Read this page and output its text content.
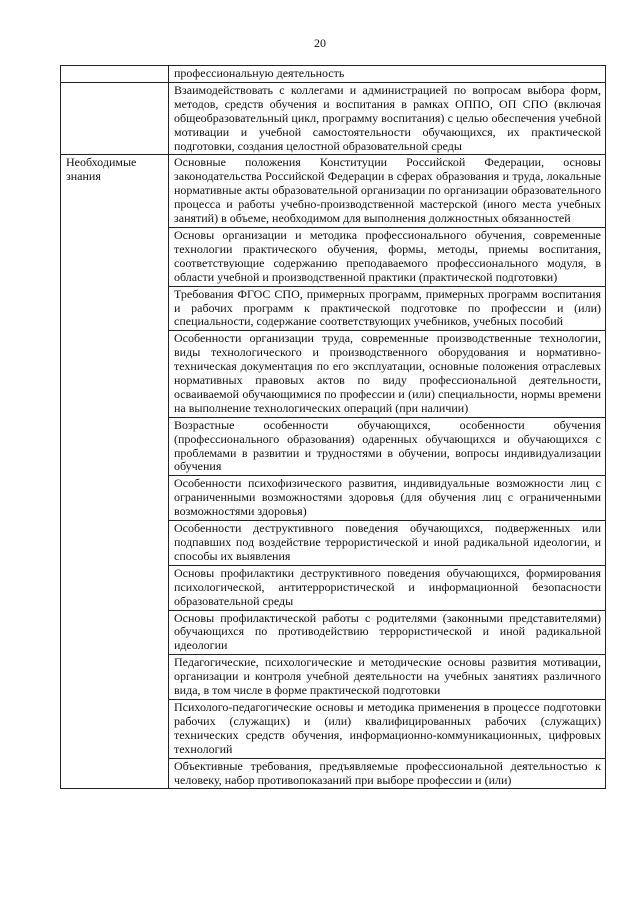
20
	профессиональную деятельность
	Взаимодействовать с коллегами и администрацией по вопросам выбора форм, методов, средств обучения и воспитания в рамках ОППО, ОП СПО (включая общеобразовательный цикл, программу воспитания) с целью обеспечения учебной мотивации и учебной самостоятельности обучающихся, их практической подготовки, создания целостной образовательной среды
Необходимые знания	Основные положения Конституции Российской Федерации, основы законодательства Российской Федерации в сферах образования и труда, локальные нормативные акты образовательной организации по организации образовательного процесса и работы учебно-производственной мастерской (иного места учебных занятий) в объеме, необходимом для выполнения должностных обязанностей
	Основы организации и методика профессионального обучения, современные технологии практического обучения, формы, методы, приемы воспитания, соответствующие содержанию преподаваемого профессионального модуля, в области учебной и производственной практики (практической подготовки)
	Требования ФГОС СПО, примерных программ, примерных программ воспитания и рабочих программ к практической подготовке по профессии и (или) специальности, содержание соответствующих учебников, учебных пособий
	Особенности организации труда, современные производственные технологии, виды технологического и производственного оборудования и нормативно-техническая документация по его эксплуатации, основные положения отраслевых нормативных правовых актов по виду профессиональной деятельности, осваиваемой обучающимися по профессии и (или) специальности, нормы времени на выполнение технологических операций (при наличии)
	Возрастные особенности обучающихся, особенности обучения (профессионального образования) одаренных обучающихся и обучающихся с проблемами в развитии и трудностями в обучении, вопросы индивидуализации обучения
	Особенности психофизического развития, индивидуальные возможности лиц с ограниченными возможностями здоровья (для обучения лиц с ограниченными возможностями здоровья)
	Особенности деструктивного поведения обучающихся, подверженных или подпавших под воздействие террористической и иной радикальной идеологии, и способы их выявления
	Основы профилактики деструктивного поведения обучающихся, формирования психологической, антитеррористической и информационной безопасности образовательной среды
	Основы профилактической работы с родителями (законными представителями) обучающихся по противодействию террористической и иной радикальной идеологии
	Педагогические, психологические и методические основы развития мотивации, организации и контроля учебной деятельности на учебных занятиях различного вида, в том числе в форме практической подготовки
	Психолого-педагогические основы и методика применения в процессе подготовки рабочих (служащих) и (или) квалифицированных рабочих (служащих) технических средств обучения, информационно-коммуникационных, цифровых технологий
	Объективные требования, предъявляемые профессиональной деятельностью к человеку, набор противопоказаний при выборе профессии и (или)
